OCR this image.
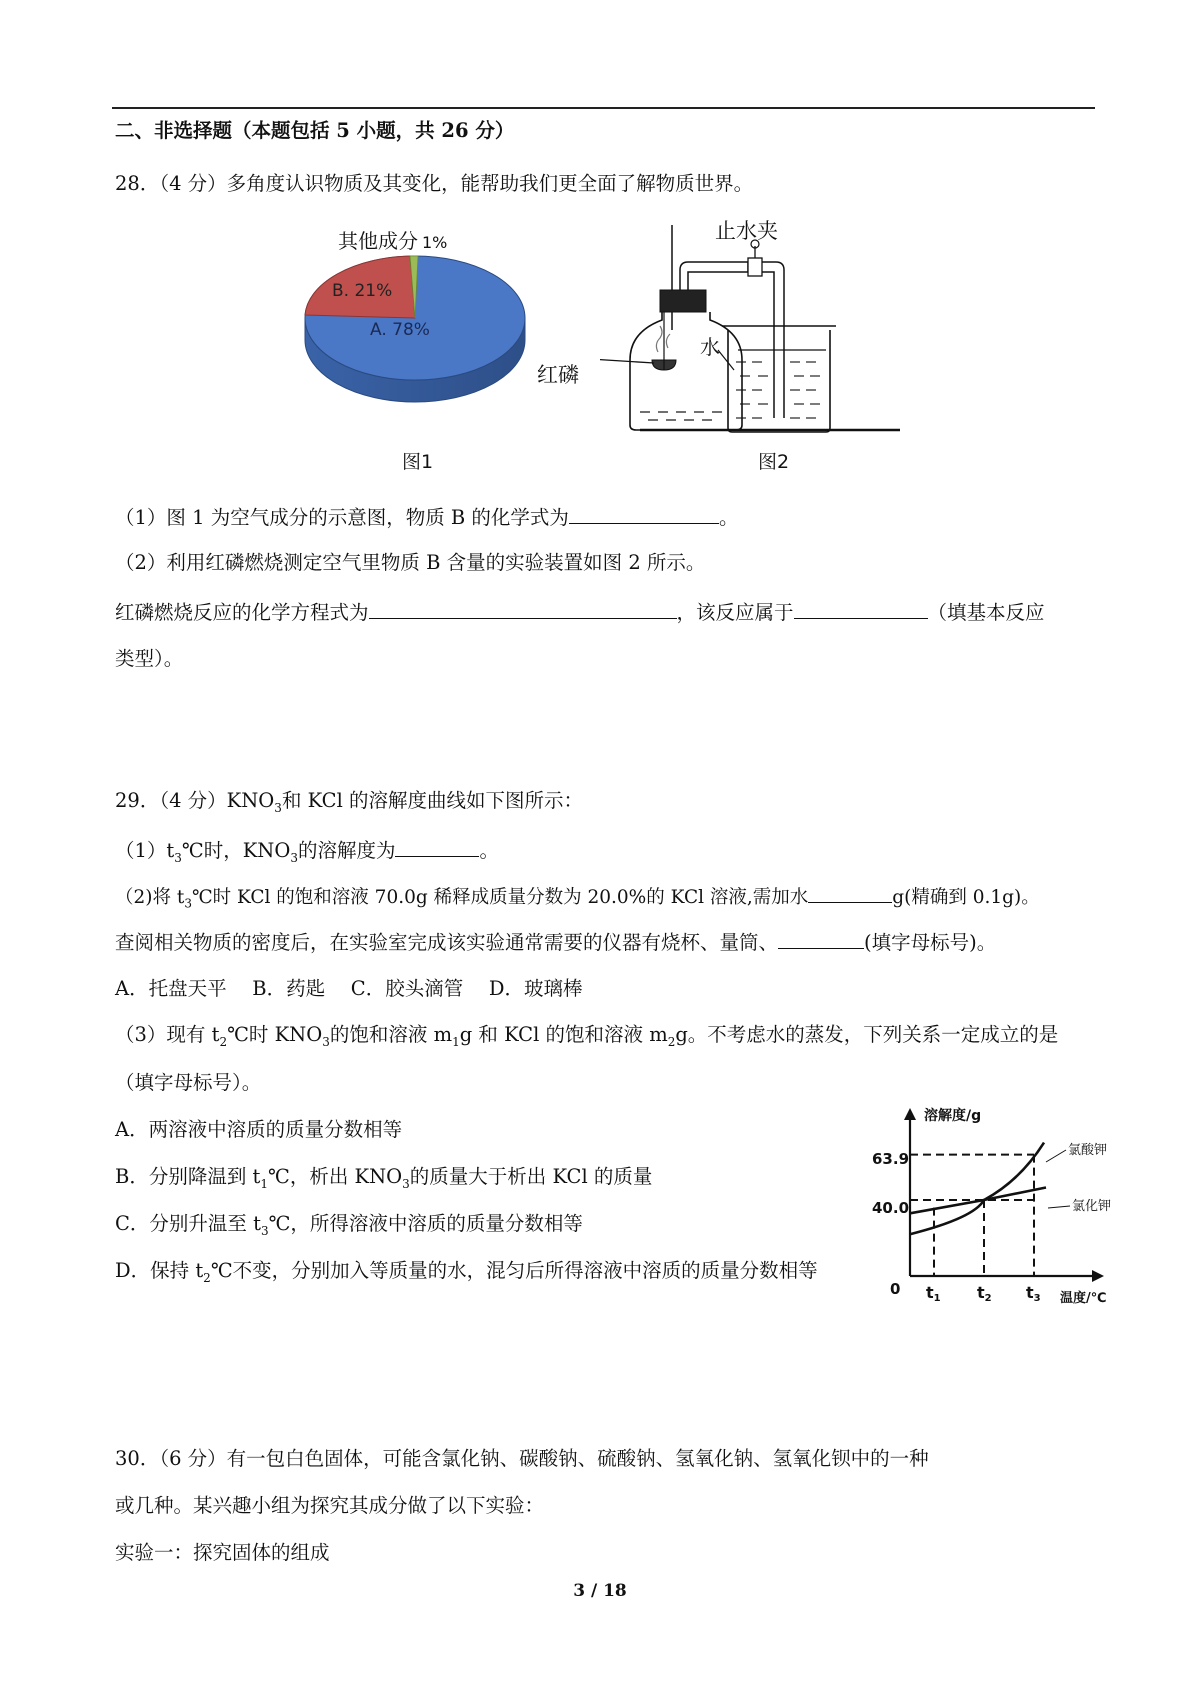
二、非选择题（本题包括 5 小题，共 26 分）
28．（4 分）多角度认识物质及其变化，能帮助我们更全面了解物质世界。
A. 78%
B. 21%
其他成分 1%
图1
止水夹
水
红磷
图2
（1）图 1 为空气成分的示意图，物质 B 的化学式为	。
（2）利用红磷燃烧测定空气里物质 B 含量的实验装置如图 2 所示。
红磷燃烧反应的化学方程式为	，该反应属于	（填基本反应
类型）。
29．（4 分）$KNO_3$和 KCl 的溶解度曲线如下图所示：
$(1)t_3℃$时，$KNO_3$的溶解度为	。
（2)将 $t_3℃$时 KCl 的饱和溶液 70.0g 稀释成质量分数为 20.0%的 KCl 溶液,需加水	g(精确到 0.1g)。
查阅相关物质的密度后，在实验室完成该实验通常需要的仪器有烧杯、量筒、	(填字母标号)。
A．托盘天平　 B．药匙　 C．胶头滴管　 D．玻璃棒
（3）现有 $t_2℃$时 $KNO_3$的饱和溶液 $m_1g$ 和 KCl 的饱和溶液 $m_2g$。不考虑水的蒸发，下列关系一定成立的是
（填字母标号）。
A．两溶液中溶质的质量分数相等
B．分别降温到 $t_1℃$，析出 $KNO_3$的质量大于析出 KCl 的质量
C．分别升温至 $t_3℃$，所得溶液中溶质的质量分数相等
D．保持 $t_2℃$不变，分别加入等质量的水，混匀后所得溶液中溶质的质量分数相等
溶解度/g
温度/℃
0
63.9
40.0
t1 t2 t3
氯酸钾
氯化钾
30．（6 分）有一包白色固体，可能含氯化钠、碳酸钠、硫酸钠、氢氧化钠、氢氧化钡中的一种
或几种。某兴趣小组为探究其成分做了以下实验：
实验一：探究固体的组成
3 / 18
